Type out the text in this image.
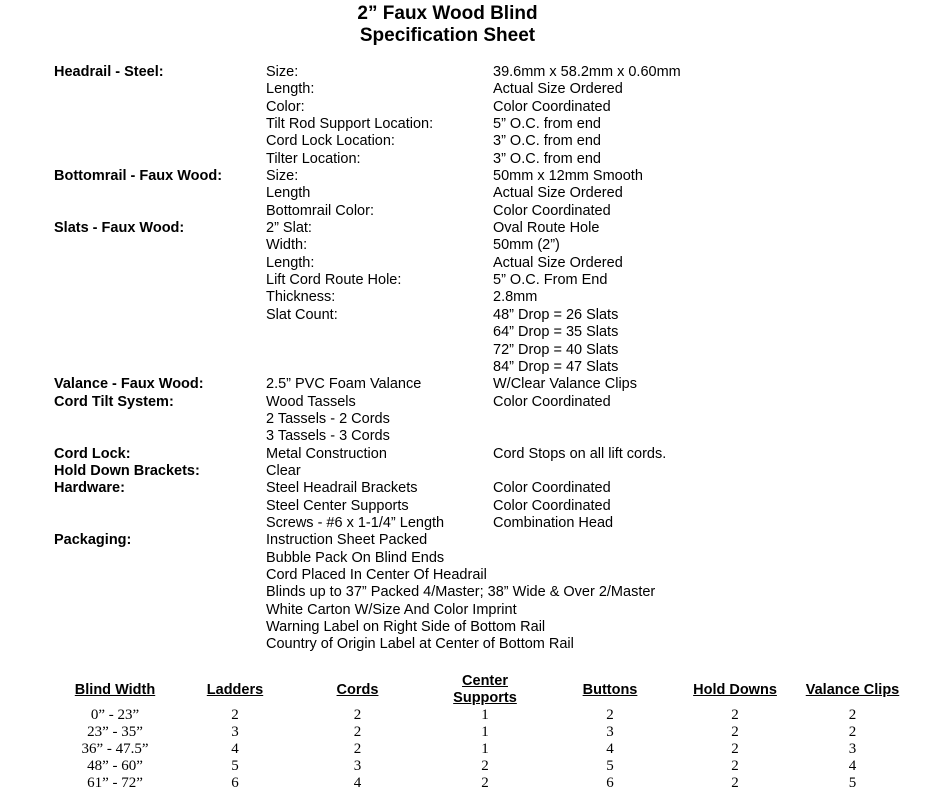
2” Faux Wood Blind
Specification Sheet
Headrail - Steel:	Size:	39.6mm x 58.2mm x 0.60mm
Length:	Actual Size Ordered
Color:	Color Coordinated
Tilt Rod Support Location:	5” O.C. from end
Cord Lock Location:	3” O.C. from end
Tilter Location:	3” O.C. from end
Bottomrail - Faux Wood:	Size:	50mm x 12mm Smooth
Length	Actual Size Ordered
Bottomrail Color:	Color Coordinated
Slats - Faux Wood:	2” Slat:	Oval Route Hole
Width:	50mm (2”)
Length:	Actual Size Ordered
Lift Cord Route Hole:	5” O.C. From End
Thickness:	2.8mm
Slat Count:	48” Drop = 26 Slats
64” Drop = 35 Slats
72” Drop = 40 Slats
84” Drop = 47 Slats
Valance - Faux Wood:	2.5” PVC Foam Valance	W/Clear Valance Clips
Cord Tilt System:	Wood Tassels	Color Coordinated
2 Tassels - 2 Cords
3 Tassels - 3 Cords
Cord Lock:	Metal Construction	Cord Stops on all lift cords.
Hold Down Brackets:	Clear
Hardware:	Steel Headrail Brackets	Color Coordinated
Steel Center Supports	Color Coordinated
Screws - #6 x 1-1/4” Length	Combination Head
Packaging:	Instruction Sheet Packed
Bubble Pack On Blind Ends
Cord Placed In Center Of Headrail
Blinds up to 37” Packed 4/Master; 38” Wide & Over 2/Master
White Carton W/Size And Color Imprint
Warning Label on Right Side of Bottom Rail
Country of Origin Label at Center of Bottom Rail
Blind Width	Ladders	Cords	Center Supports	Buttons	Hold Downs	Valance Clips
0” - 23”	2	2	1	2	2	2
23” - 35”	3	2	1	3	2	2
36” - 47.5”	4	2	1	4	2	3
48” - 60”	5	3	2	5	2	4
61” - 72”	6	4	2	6	2	5
